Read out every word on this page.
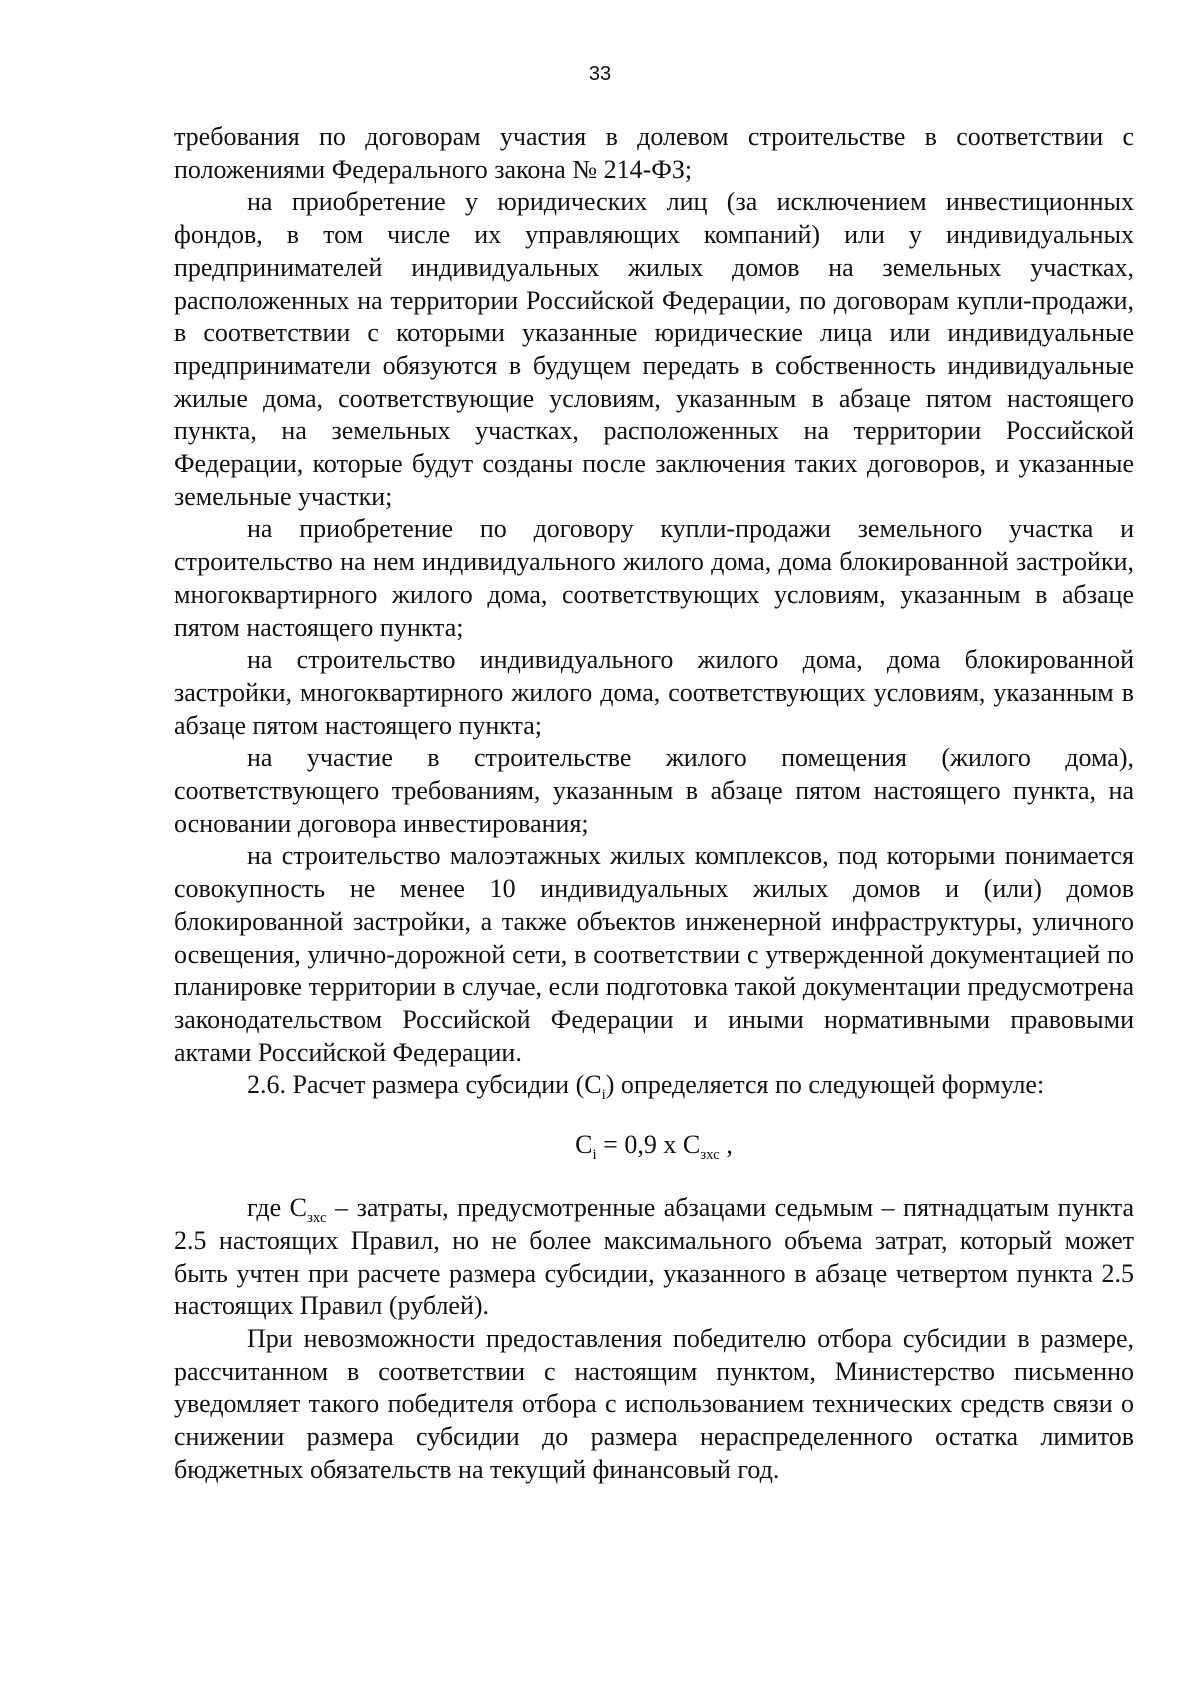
33

требования по договорам участия в долевом строительстве в соответствии с положениями Федерального закона № 214-ФЗ;

на приобретение у юридических лиц (за исключением инвестиционных фондов, в том числе их управляющих компаний) или у индивидуальных предпринимателей индивидуальных жилых домов на земельных участках, расположенных на территории Российской Федерации, по договорам купли-продажи, в соответствии с которыми указанные юридические лица или индивидуальные предприниматели обязуются в будущем передать в собственность индивидуальные жилые дома, соответствующие условиям, указанным в абзаце пятом настоящего пункта, на земельных участках, расположенных на территории Российской Федерации, которые будут созданы после заключения таких договоров, и указанные земельные участки;

на приобретение по договору купли-продажи земельного участка и строительство на нем индивидуального жилого дома, дома блокированной застройки, многоквартирного жилого дома, соответствующих условиям, указанным в абзаце пятом настоящего пункта;

на строительство индивидуального жилого дома, дома блокированной застройки, многоквартирного жилого дома, соответствующих условиям, указанным в абзаце пятом настоящего пункта;

на участие в строительстве жилого помещения (жилого дома), соответствующего требованиям, указанным в абзаце пятом настоящего пункта, на основании договора инвестирования;

на строительство малоэтажных жилых комплексов, под которыми понимается совокупность не менее 10 индивидуальных жилых домов и (или) домов блокированной застройки, а также объектов инженерной инфраструктуры, уличного освещения, улично-дорожной сети, в соответствии с утвержденной документацией по планировке территории в случае, если подготовка такой документации предусмотрена законодательством Российской Федерации и иными нормативными правовыми актами Российской Федерации.

2.6. Расчет размера субсидии $(С_i)$ определяется по следующей формуле:

$С_i = 0,9$ х $С_{зхс}$ ,

где $С_{зхс}$ – затраты, предусмотренные абзацами седьмым – пятнадцатым пункта 2.5 настоящих Правил, но не более максимального объема затрат, который может быть учтен при расчете размера субсидии, указанного в абзаце четвертом пункта 2.5 настоящих Правил (рублей).

При невозможности предоставления победителю отбора субсидии в размере, рассчитанном в соответствии с настоящим пунктом, Министерство письменно уведомляет такого победителя отбора с использованием технических средств связи о снижении размера субсидии до размера нераспределенного остатка лимитов бюджетных обязательств на текущий финансовый год.
